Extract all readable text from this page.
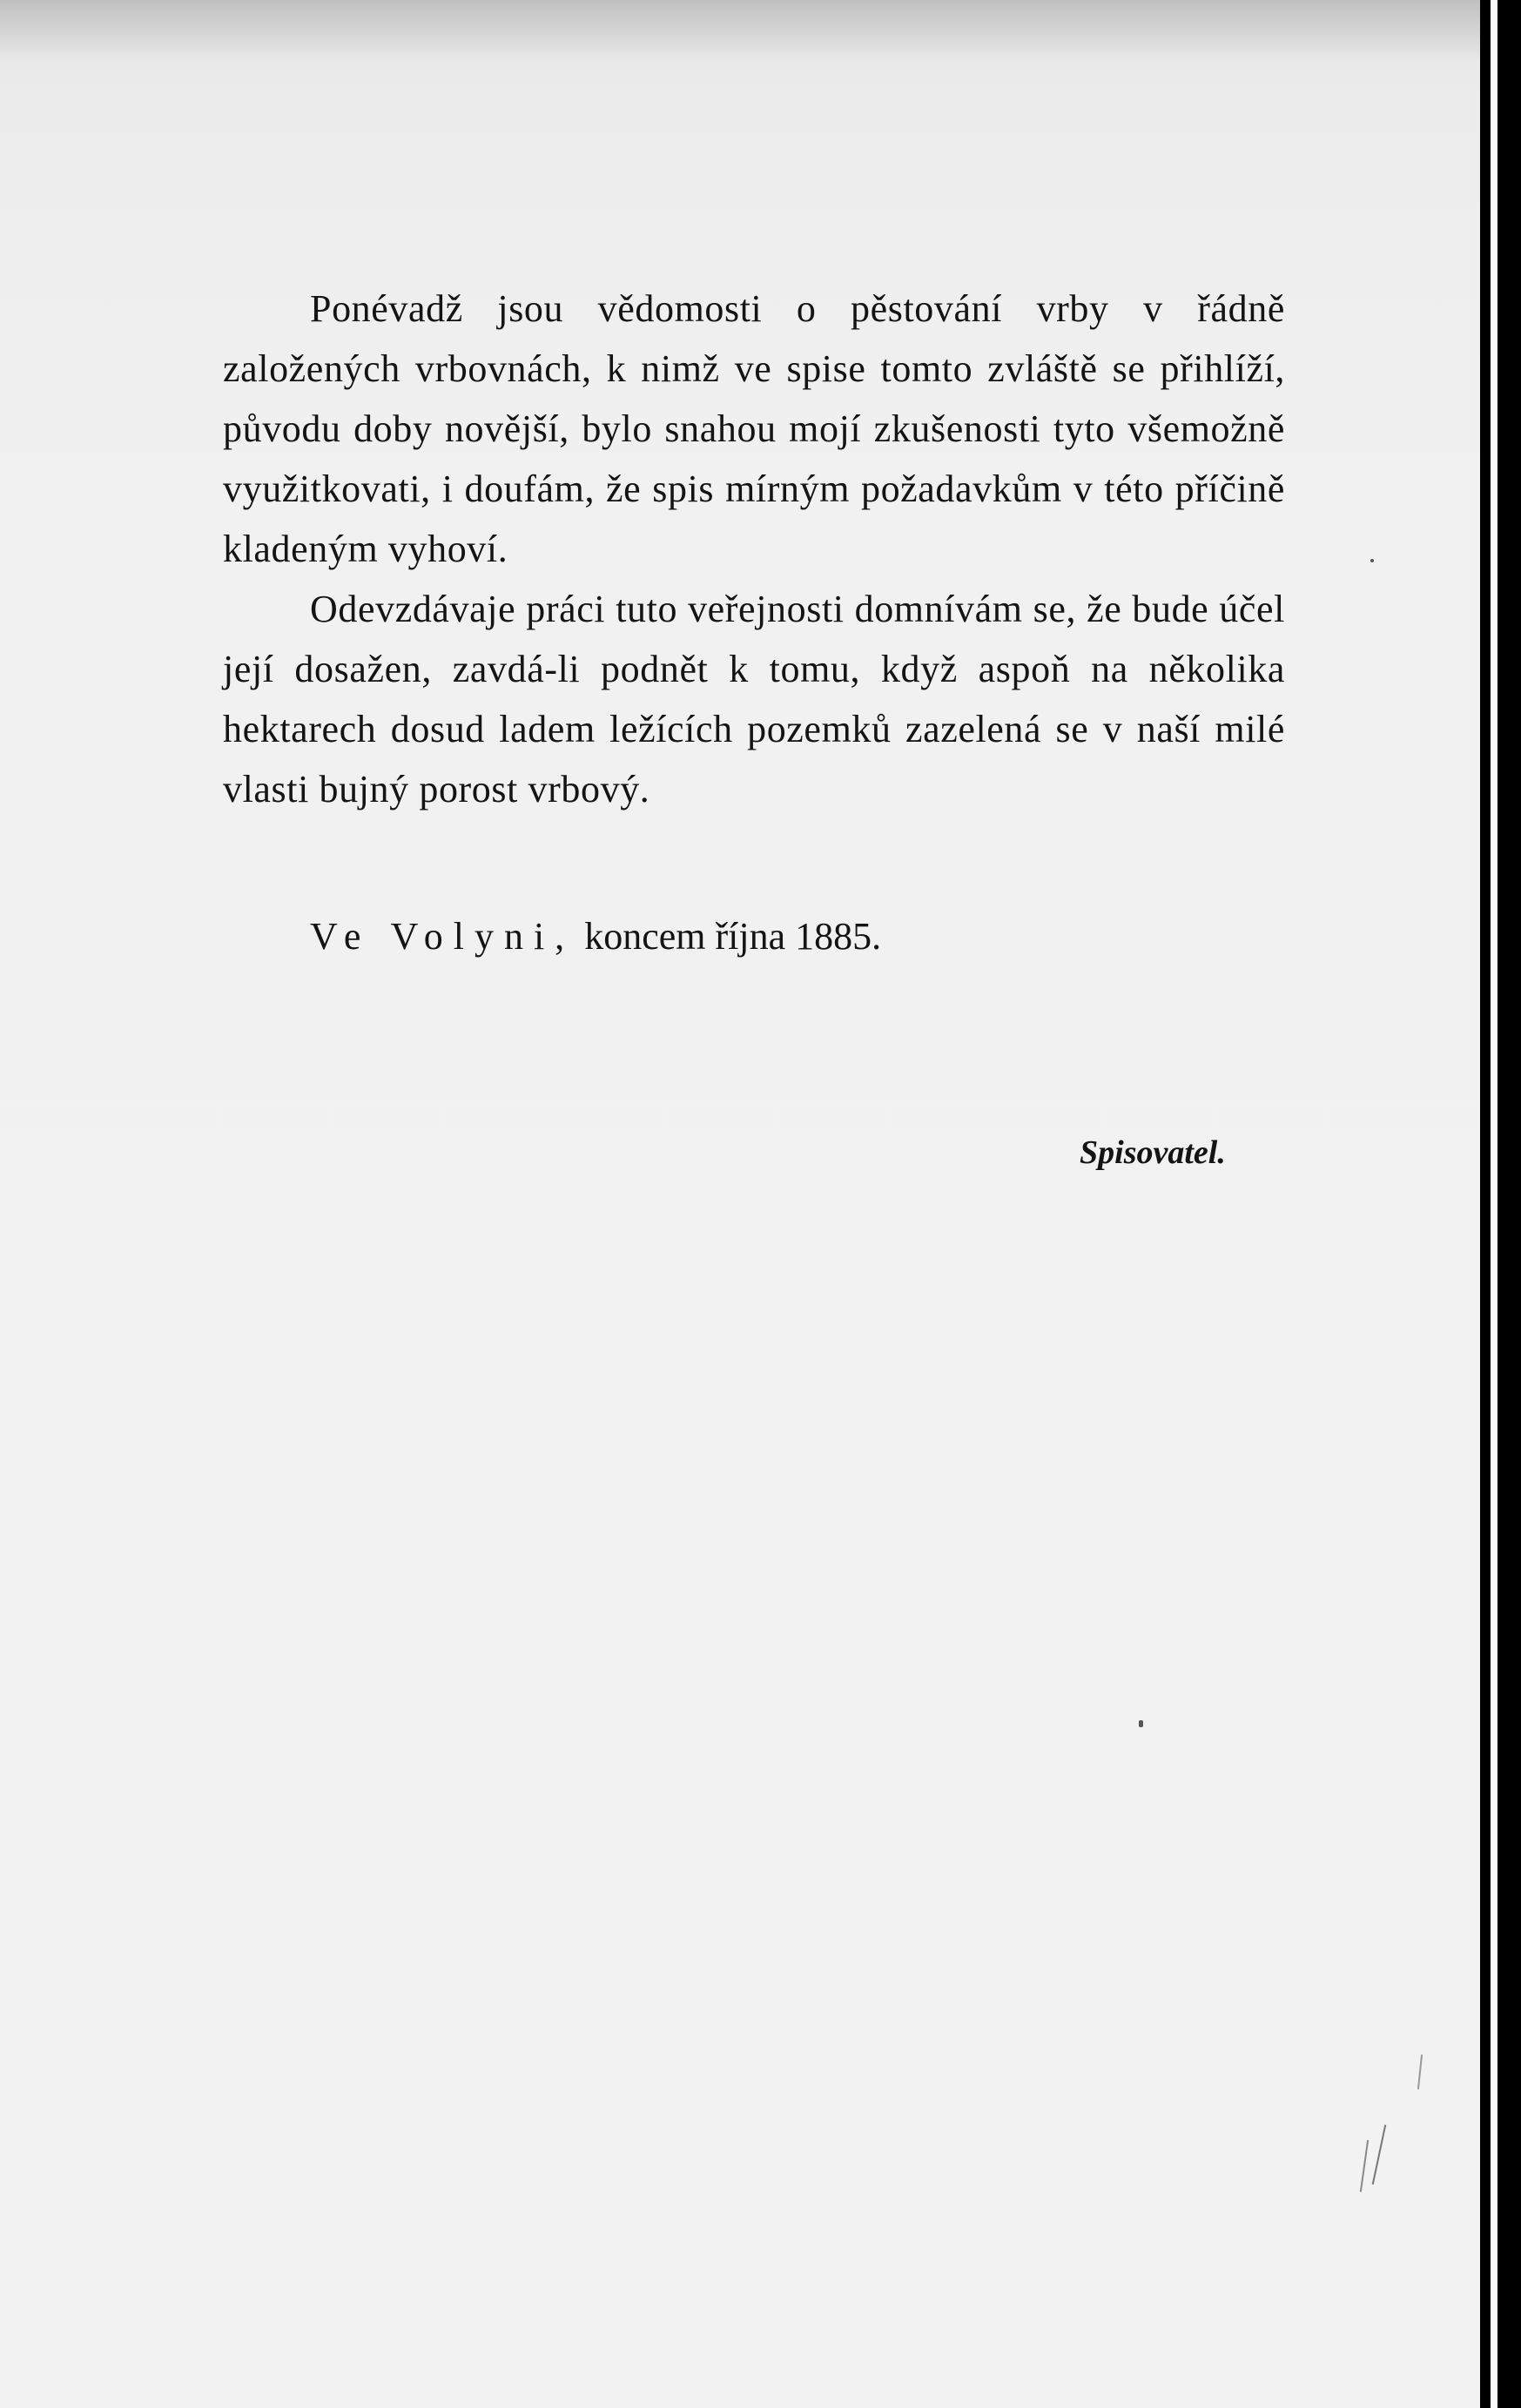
Ponévadž jsou vědomosti o pěstování vrby v řádně založených vrbovnách, k nimž ve spise tomto zvláště se přihlíží, původu doby novější, bylo snahou mojí zkušenosti tyto všemožně využitkovati, i doufám, že spis mírným požadavkům v této příčině kladeným vyhoví.

Odevzdávaje práci tuto veřejnosti domnívám se, že bude účel její dosažen, zavdá-li podnět k tomu, když aspoň na několika hektarech dosud ladem ležících pozemků zazelená se v naší milé vlasti bujný porost vrbový.

Ve Volyni, koncem října 1885.
Spisovatel.
